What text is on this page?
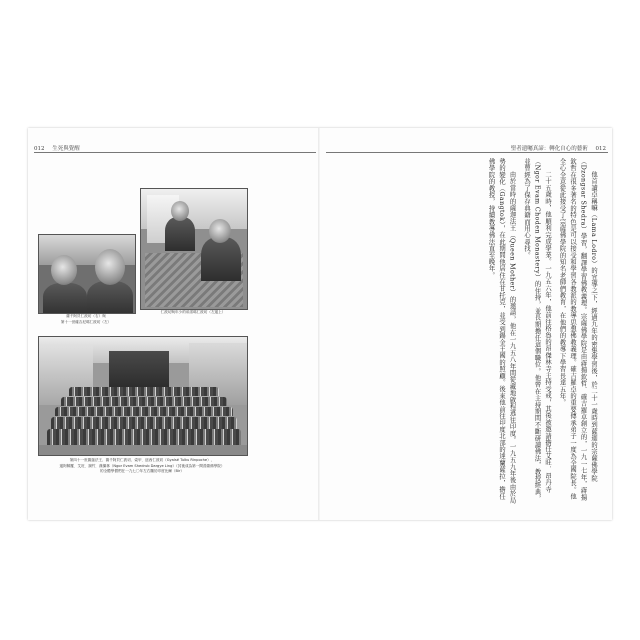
012 生死與覺醒
薩千阿貝仁波切（右）與
第十一世確吉尼瑪仁波切（左）
仁波切與年少的帝諾瑪仁波切（左邊上）
第四十一世薩迦法王、薩千阿貝仁波切、索甲．紐西仁波切（Gyalsé Tulku Rinpoche）、
邊阿佩羅．艾旺．謝竹．漢傑林（Ngor Evam Shedrub Dargye Ling）（其後成為第一間普薩佛學院）
的全體學僧們在一九七〇年左右攝於印度比爾（Bir）
聖者遺囑真諦：轉化自心的藝術 012

他首讀卓稱嘛（Lama Lodro）的宣導之下，經過九年的密集學習後，於二十一歲時到薩迦的宗薩佛學院（Dzongsar Shedra）學習，翻譯學習佛教義理。宗薩佛學院是由蔣揚欽哲．確吉羅卓創立的，一九一七年，蔣揚欽哲在很多著名的特色是可以接受和學習各教派的教導思想佛教義理。確吉羅卓的重要傳承弟子一度為全國院長。他全心全意從此接受了宗薩佛學院的知名老師們教育，在他們的教導下學習長達五年。

二十五歲時，他順利完成學業。一九五六年，他前往格魯的昂傑林寺主持受戒，其後被邀請擔任艾旺．昂丹寺（Ngor Evam Choden Monastery）的住持，並長期擔任這個職位。他曾在主持期間不斷研讀佛法，教授經典，並曾經為了保存典籍而用心尋找。

由於當時的薩迦法王（Queen Mother）的邀請，他在一九五八年間從藏地啟程逃往印度。一九五九年後由於局勢的變化（Gangtok），在此期間他居住在甘托克，並受到錫金王國的照顧。後來他前往印度北部的達蘭薩拉，擔任佛學院的教授，持續教導佛法直至晚年。
